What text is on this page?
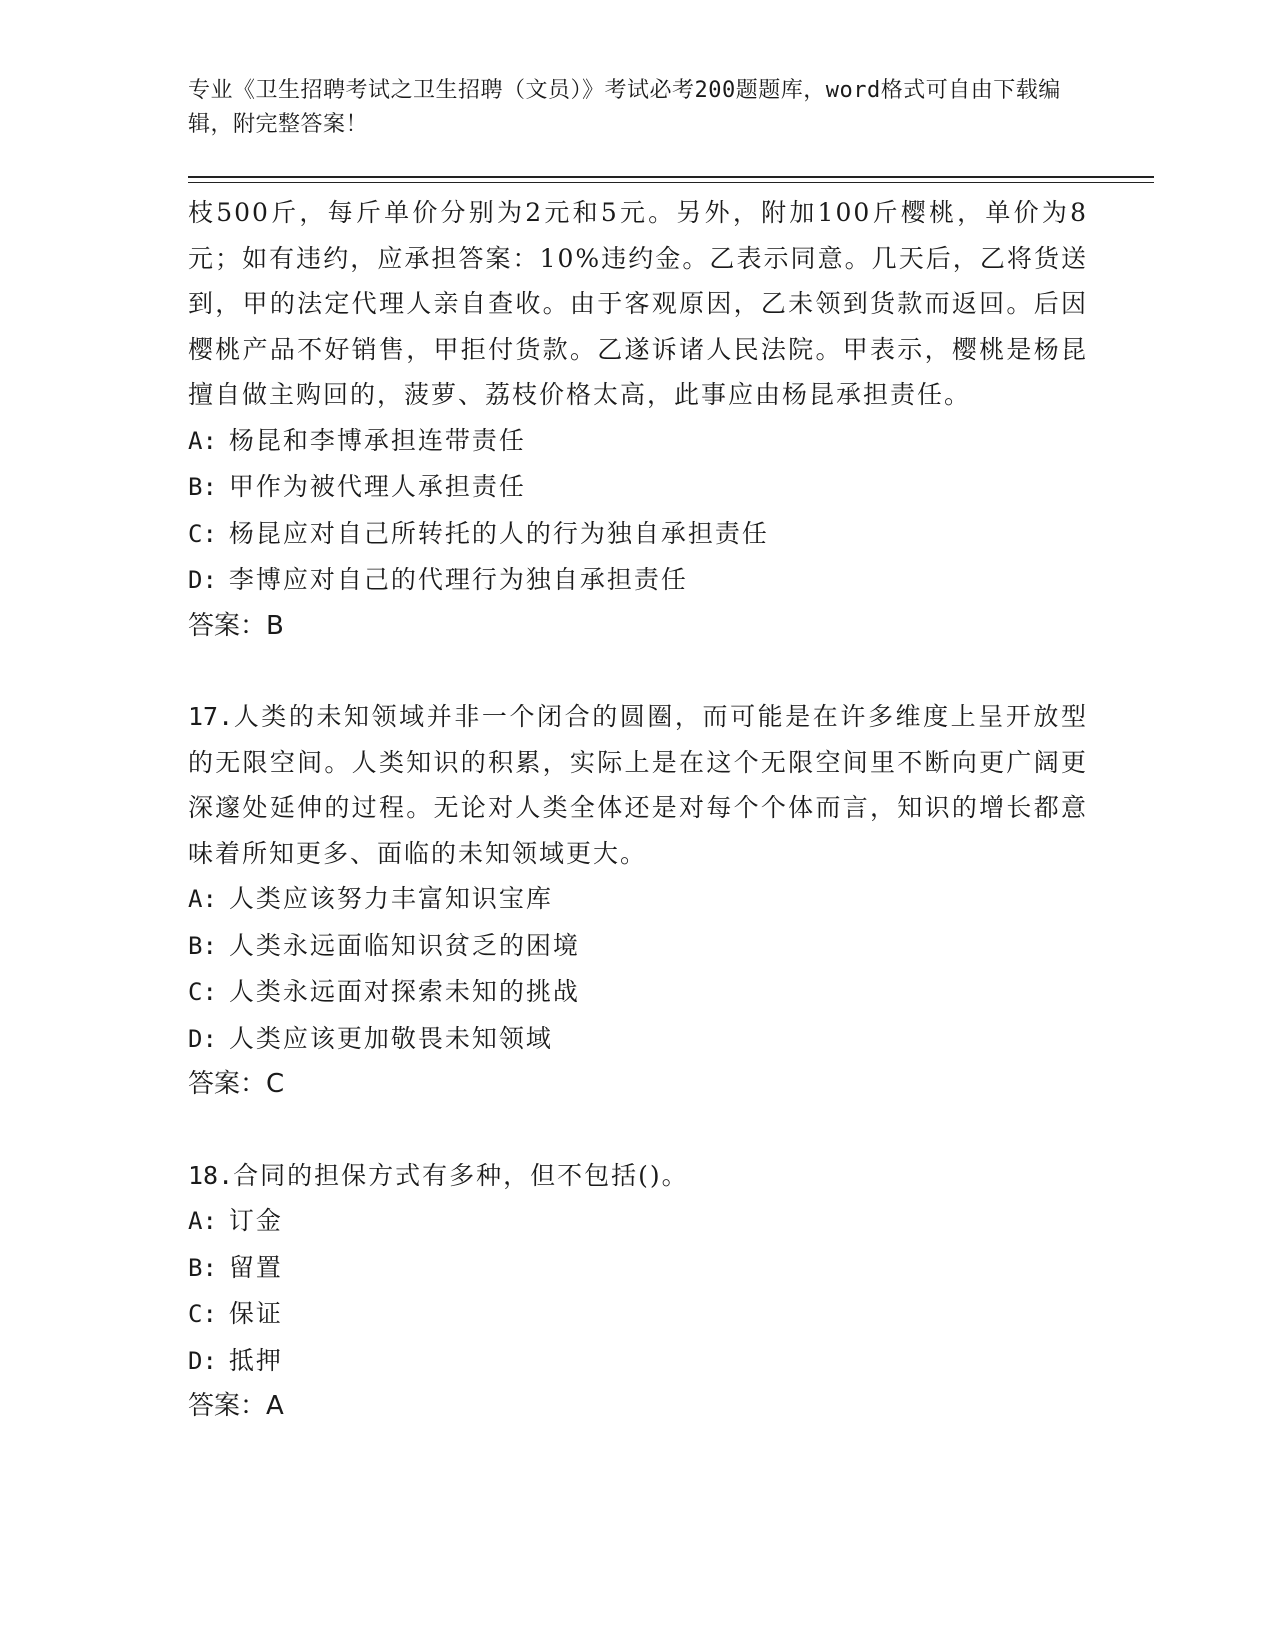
专业《卫生招聘考试之卫生招聘（文员）》考试必考200题题库，word格式可自由下载编辑，附完整答案！

枝500斤，每斤单价分别为2元和5元。另外，附加100斤樱桃，单价为8元；如有违约，应承担答案：10%违约金。乙表示同意。几天后，乙将货送到，甲的法定代理人亲自查收。由于客观原因，乙未领到货款而返回。后因樱桃产品不好销售，甲拒付货款。乙遂诉诸人民法院。甲表示，樱桃是杨昆擅自做主购回的，菠萝、荔枝价格太高，此事应由杨昆承担责任。

A: 杨昆和李博承担连带责任

B: 甲作为被代理人承担责任

C: 杨昆应对自己所转托的人的行为独自承担责任

D: 李博应对自己的代理行为独自承担责任

答案：B

17.人类的未知领域并非一个闭合的圆圈，而可能是在许多维度上呈开放型的无限空间。人类知识的积累，实际上是在这个无限空间里不断向更广阔更深邃处延伸的过程。无论对人类全体还是对每个个体而言，知识的增长都意味着所知更多、面临的未知领域更大。

A: 人类应该努力丰富知识宝库

B: 人类永远面临知识贫乏的困境

C: 人类永远面对探索未知的挑战

D: 人类应该更加敬畏未知领域

答案：C

18.合同的担保方式有多种，但不包括()。

A: 订金

B: 留置

C: 保证

D: 抵押

答案：A
